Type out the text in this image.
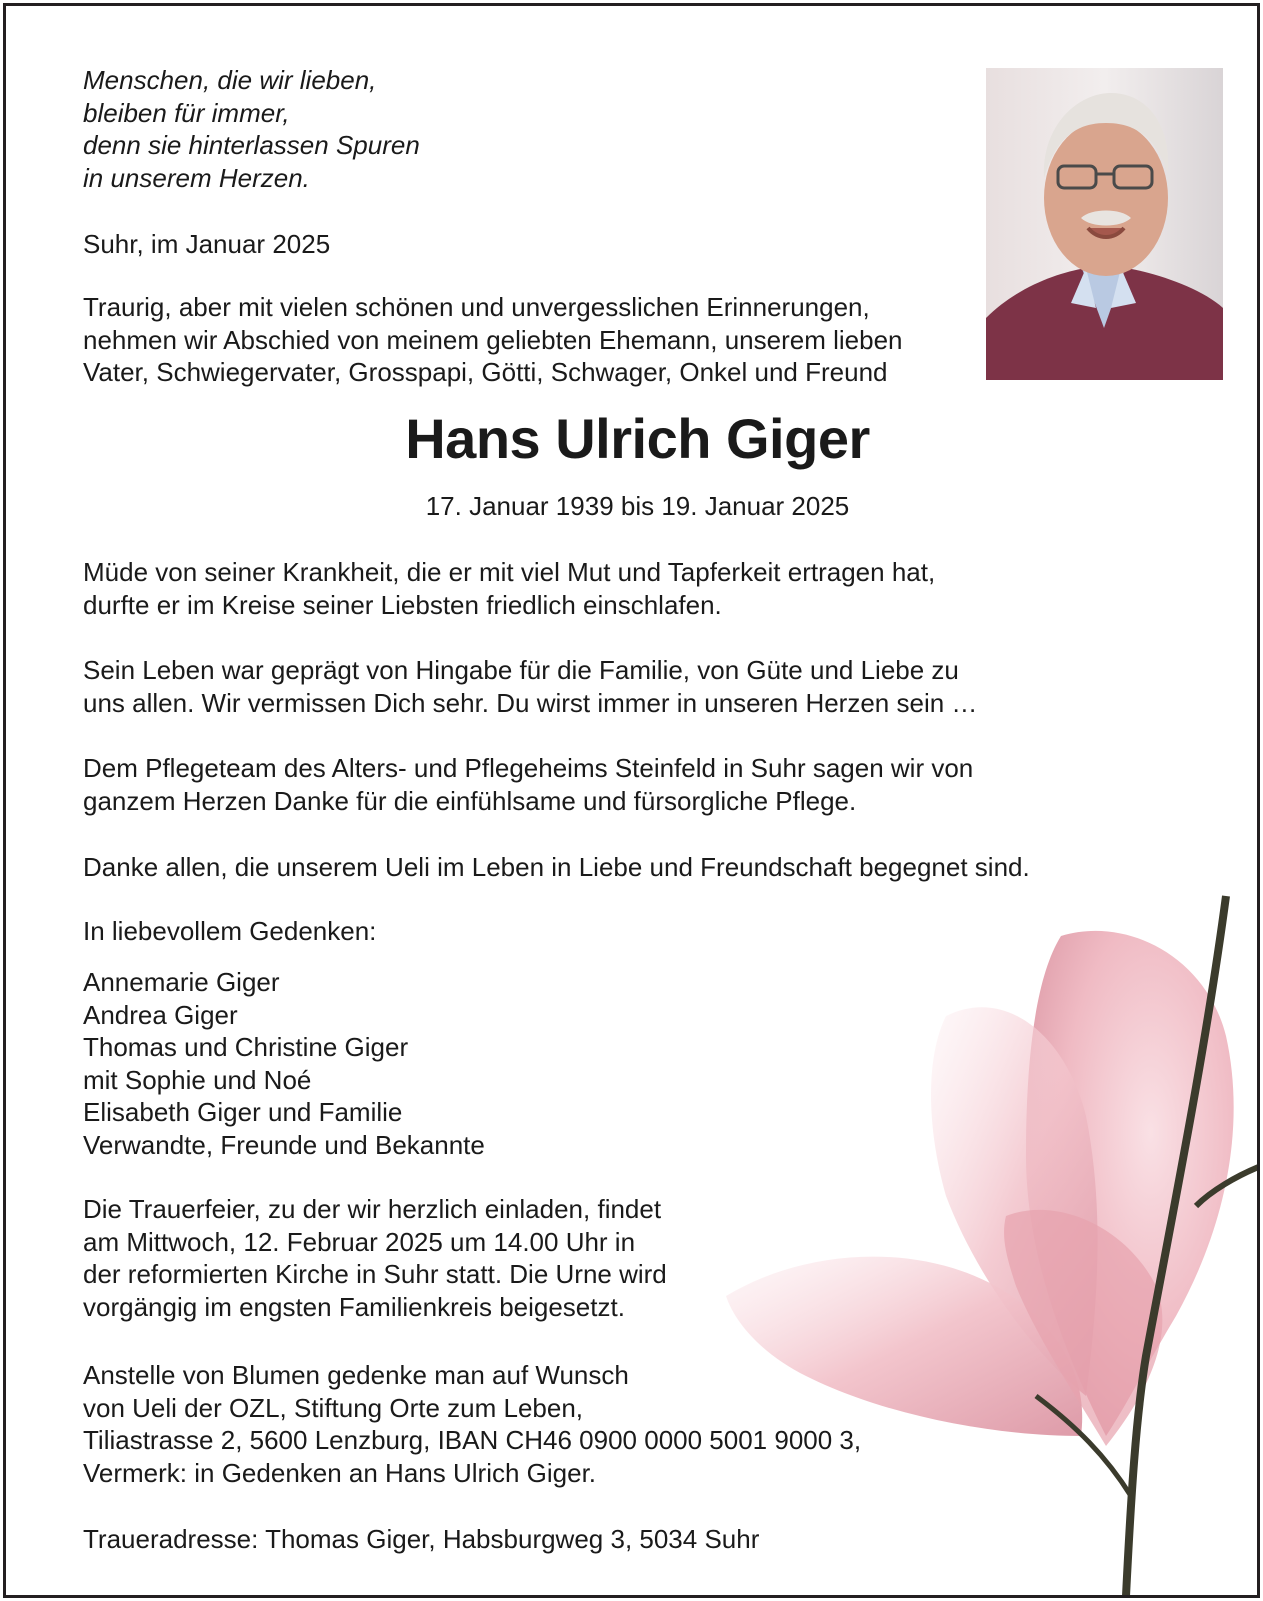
Menschen, die wir lieben,
bleiben für immer,
denn sie hinterlassen Spuren
in unserem Herzen.
Suhr, im Januar 2025
Traurig, aber mit vielen schönen und unvergesslichen Erinnerungen,
nehmen wir Abschied von meinem geliebten Ehemann, unserem lieben
Vater, Schwiegervater, Grosspapi, Götti, Schwager, Onkel und Freund
Hans Ulrich Giger
17. Januar 1939 bis 19. Januar 2025
Müde von seiner Krankheit, die er mit viel Mut und Tapferkeit ertragen hat,
durfte er im Kreise seiner Liebsten friedlich einschlafen.
Sein Leben war geprägt von Hingabe für die Familie, von Güte und Liebe zu
uns allen. Wir vermissen Dich sehr. Du wirst immer in unseren Herzen sein …
Dem Pflegeteam des Alters- und Pflegeheims Steinfeld in Suhr sagen wir von
ganzem Herzen Danke für die einfühlsame und fürsorgliche Pflege.
Danke allen, die unserem Ueli im Leben in Liebe und Freundschaft begegnet sind.
In liebevollem Gedenken:
Annemarie Giger
Andrea Giger
Thomas und Christine Giger
mit Sophie und Noé
Elisabeth Giger und Familie
Verwandte, Freunde und Bekannte
Die Trauerfeier, zu der wir herzlich einladen, findet
am Mittwoch, 12. Februar 2025 um 14.00 Uhr in
der reformierten Kirche in Suhr statt. Die Urne wird
vorgängig im engsten Familienkreis beigesetzt.
Anstelle von Blumen gedenke man auf Wunsch
von Ueli der OZL, Stiftung Orte zum Leben,
Tiliastrasse 2, 5600 Lenzburg, IBAN CH46 0900 0000 5001 9000 3,
Vermerk: in Gedenken an Hans Ulrich Giger.
Traueradresse: Thomas Giger, Habsburgweg 3, 5034 Suhr
